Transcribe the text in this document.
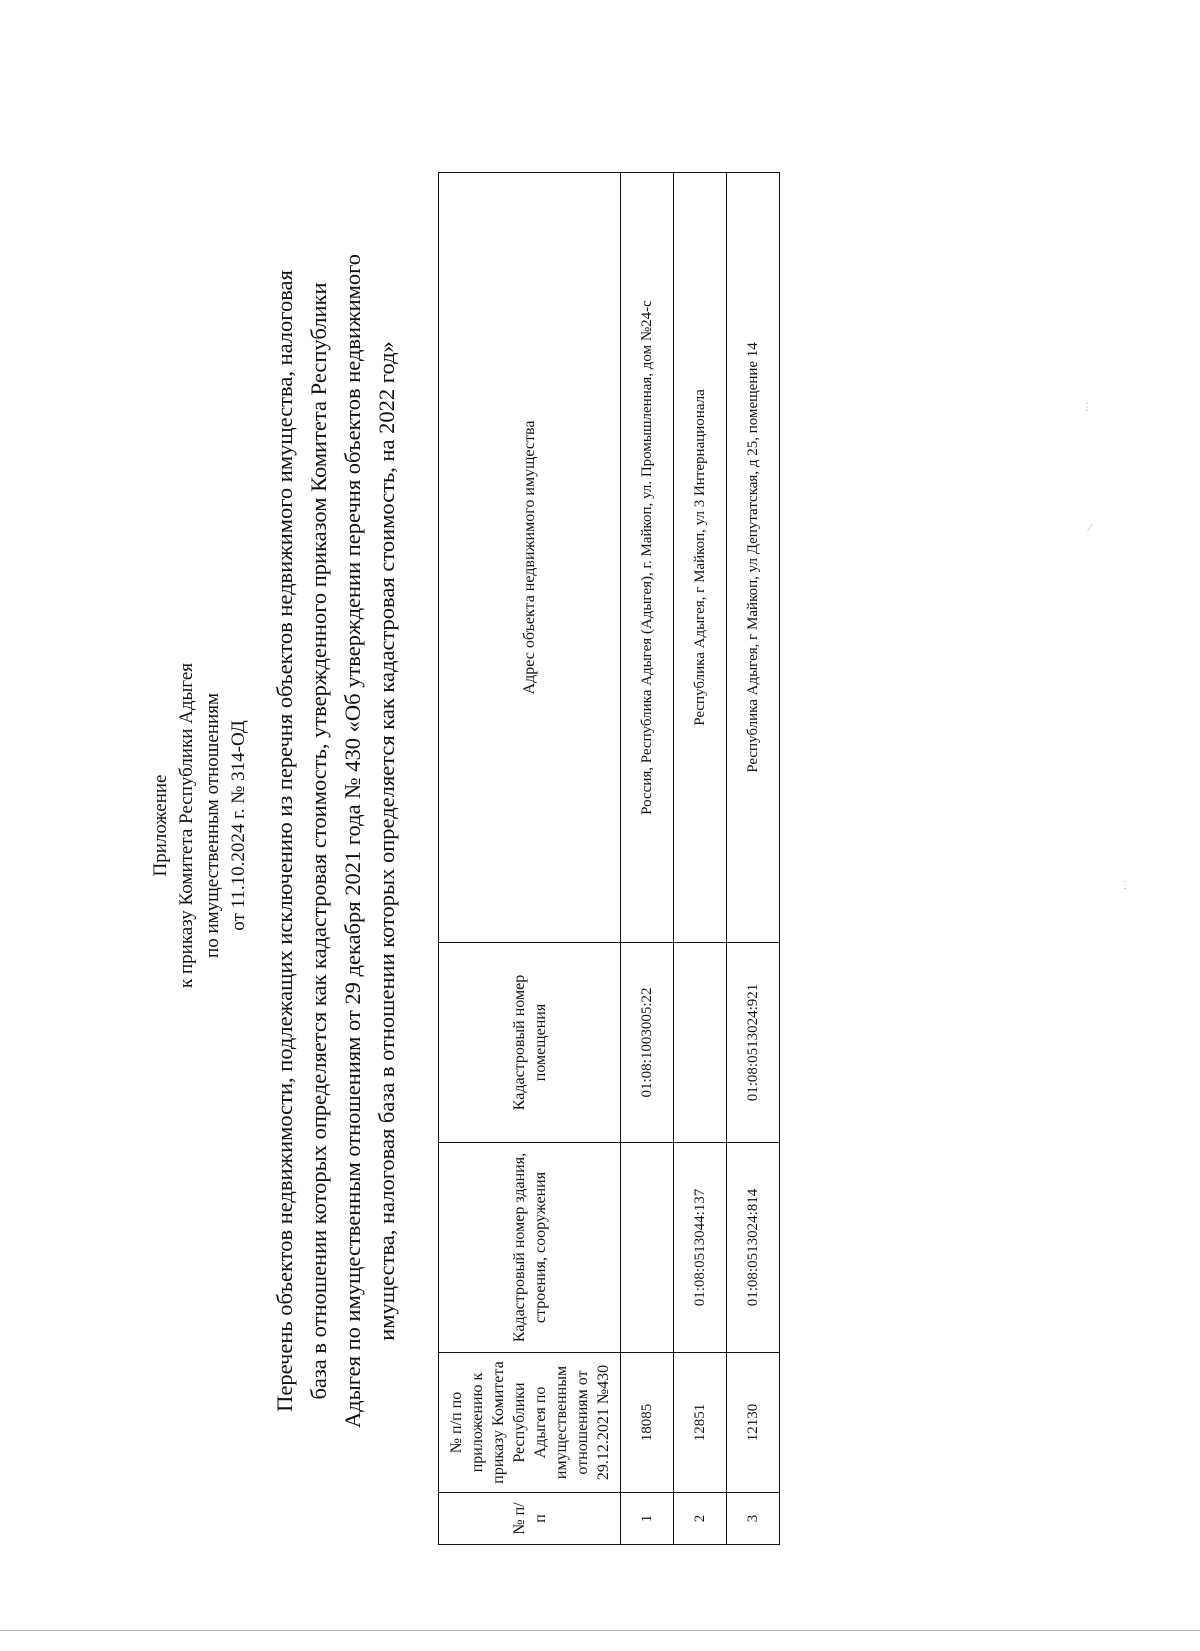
Приложение к приказу Комитета Республики Адыгея по имущественным отношениям от 11.10.2024 г. № 314-ОД Перечень объектов недвижимости, подлежащих исключению из перечня объектов недвижимого имущества, налоговая база в отношении которых определяется как кадастровая стоимость, утвержденного приказом Комитета Республики Адыгея по имущественным отношениям от 29 декабря 2021 года № 430 «Об утверждении перечня объектов недвижимого имущества, налоговая база в отношении которых определяется как кадастровая стоимость, на 2022 год»
№ п/п	№ п/п по приложению к приказу Комитета Республики Адыгея по имущественным отношениям от 29.12.2021 №430	Кадастровый номер здания, строения, сооружения	Кадастровый номер помещения	Адрес объекта недвижимого имущества
1	18085		01:08:1003005:22	Россия, Республика Адыгея (Адыгея), г. Майкоп, ул. Промышленная, дом №24-с
2	12851	01:08:0513044:137		Республика Адыгея, г Майкоп, ул 3 Интернационала
3	12130	01:08:0513024:814	01:08:0513024:921	Республика Адыгея, г Майкоп, ул Депутатская, д 25, помещение 14	⋮
⁄
⋮
